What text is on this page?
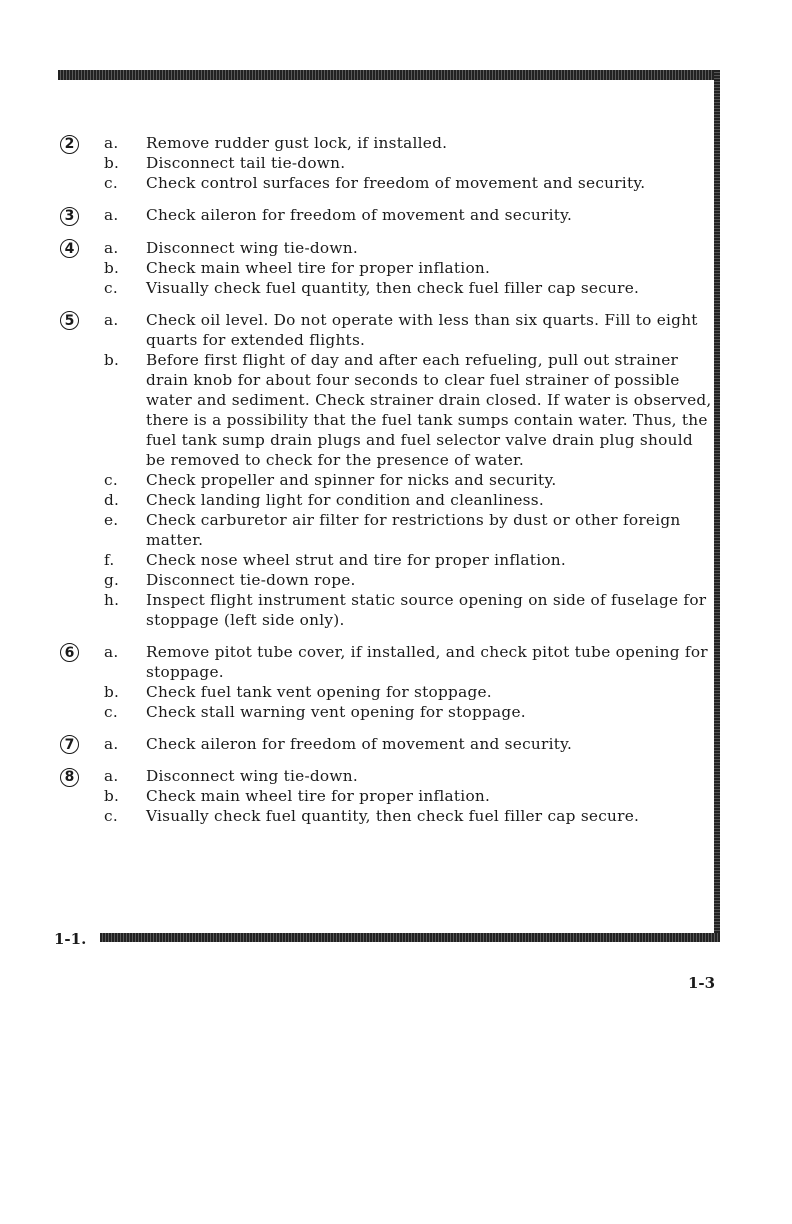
2	a.	Remove rudder gust lock, if installed.
b.	Disconnect tail tie-down.
c.	Check control surfaces for freedom of movement and security.
3	a.	Check aileron for freedom of movement and security.
4	a.	Disconnect wing tie-down.
b.	Check main wheel tire for proper inflation.
c.	Visually check fuel quantity, then check fuel filler cap secure.
5	a.	Check oil level. Do not operate with less than six quarts. Fill to eight quarts for extended flights.
b.	Before first flight of day and after each refueling, pull out strainer drain knob for about four seconds to clear fuel strainer of possible water and sediment. Check strainer drain closed. If water is observed, there is a possibility that the fuel tank sumps contain water. Thus, the fuel tank sump drain plugs and fuel selector valve drain plug should be removed to check for the presence of water.
c.	Check propeller and spinner for nicks and security.
d.	Check landing light for condition and cleanliness.
e.	Check carburetor air filter for restrictions by dust or other foreign matter.
f.	Check nose wheel strut and tire for proper inflation.
g.	Disconnect tie-down rope.
h.	Inspect flight instrument static source opening on side of fuselage for stoppage (left side only).
6	a.	Remove pitot tube cover, if installed, and check pitot tube opening for stoppage.
b.	Check fuel tank vent opening for stoppage.
c.	Check stall warning vent opening for stoppage.
7	a.	Check aileron for freedom of movement and security.
8	a.	Disconnect wing tie-down.
b.	Check main wheel tire for proper inflation.
c.	Visually check fuel quantity, then check fuel filler cap secure.
1-1.
1-3
